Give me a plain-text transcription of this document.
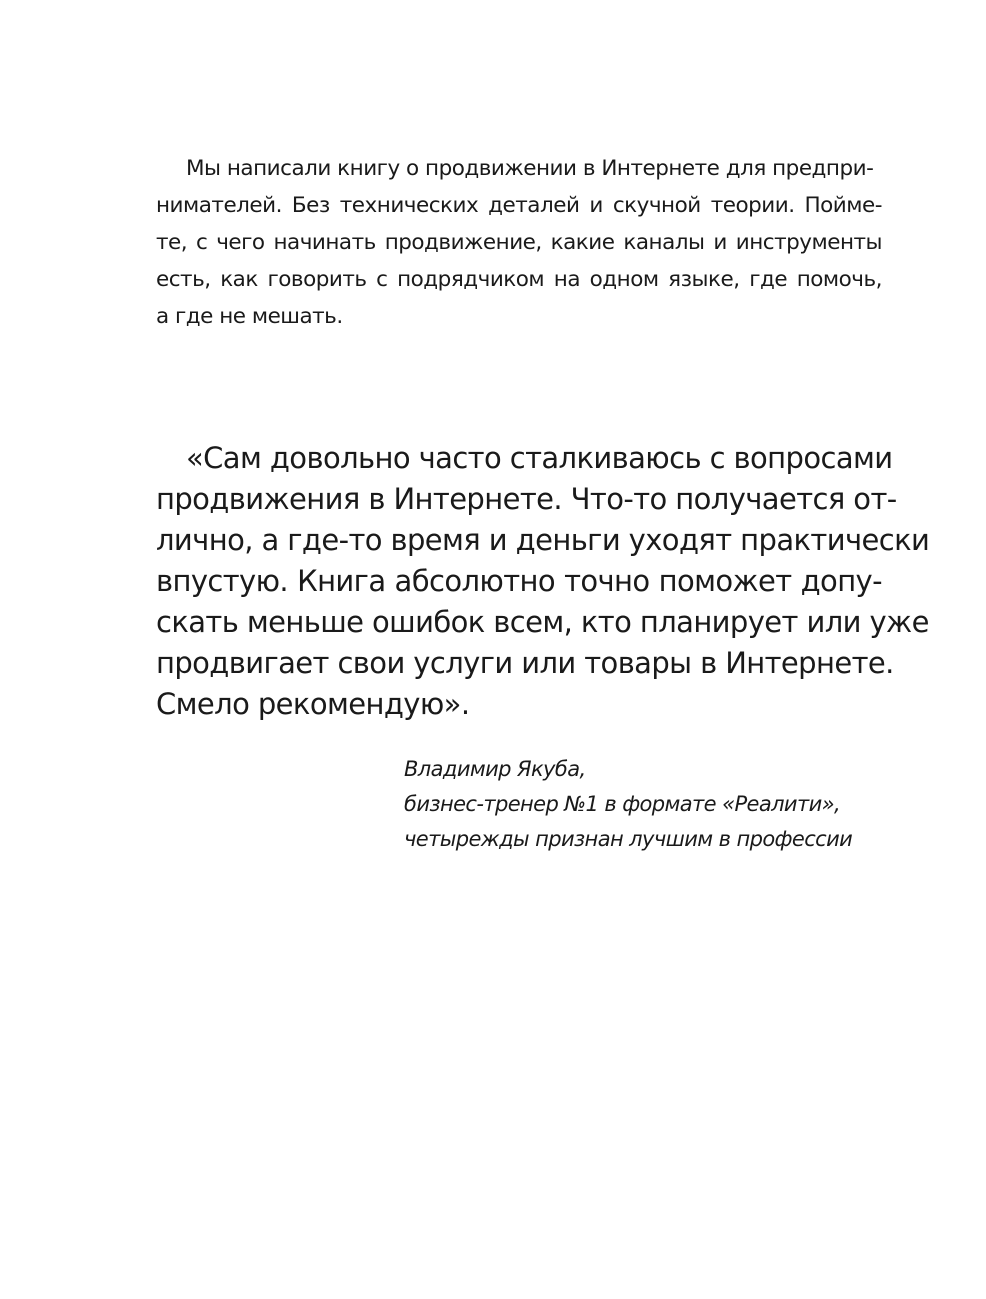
Мы написали книгу о продвижении в Интернете для предпри-
нимателей. Без технических деталей и скучной теории. Пойме-
те, с чего начинать продвижение, какие каналы и инструменты
есть, как говорить с подрядчиком на одном языке, где помочь,
а где не мешать.
«Сам довольно часто сталкиваюсь с вопросами
продвижения в Интернете. Что-то получается от-
лично, а где-то время и деньги уходят практически
впустую. Книга абсолютно точно поможет допу-
скать меньше ошибок всем, кто планирует или уже
продвигает свои услуги или товары в Интернете.
Смело рекомендую».
Владимир Якуба,
бизнес-тренер №1 в формате «Реалити»,
четырежды признан лучшим в профессии
